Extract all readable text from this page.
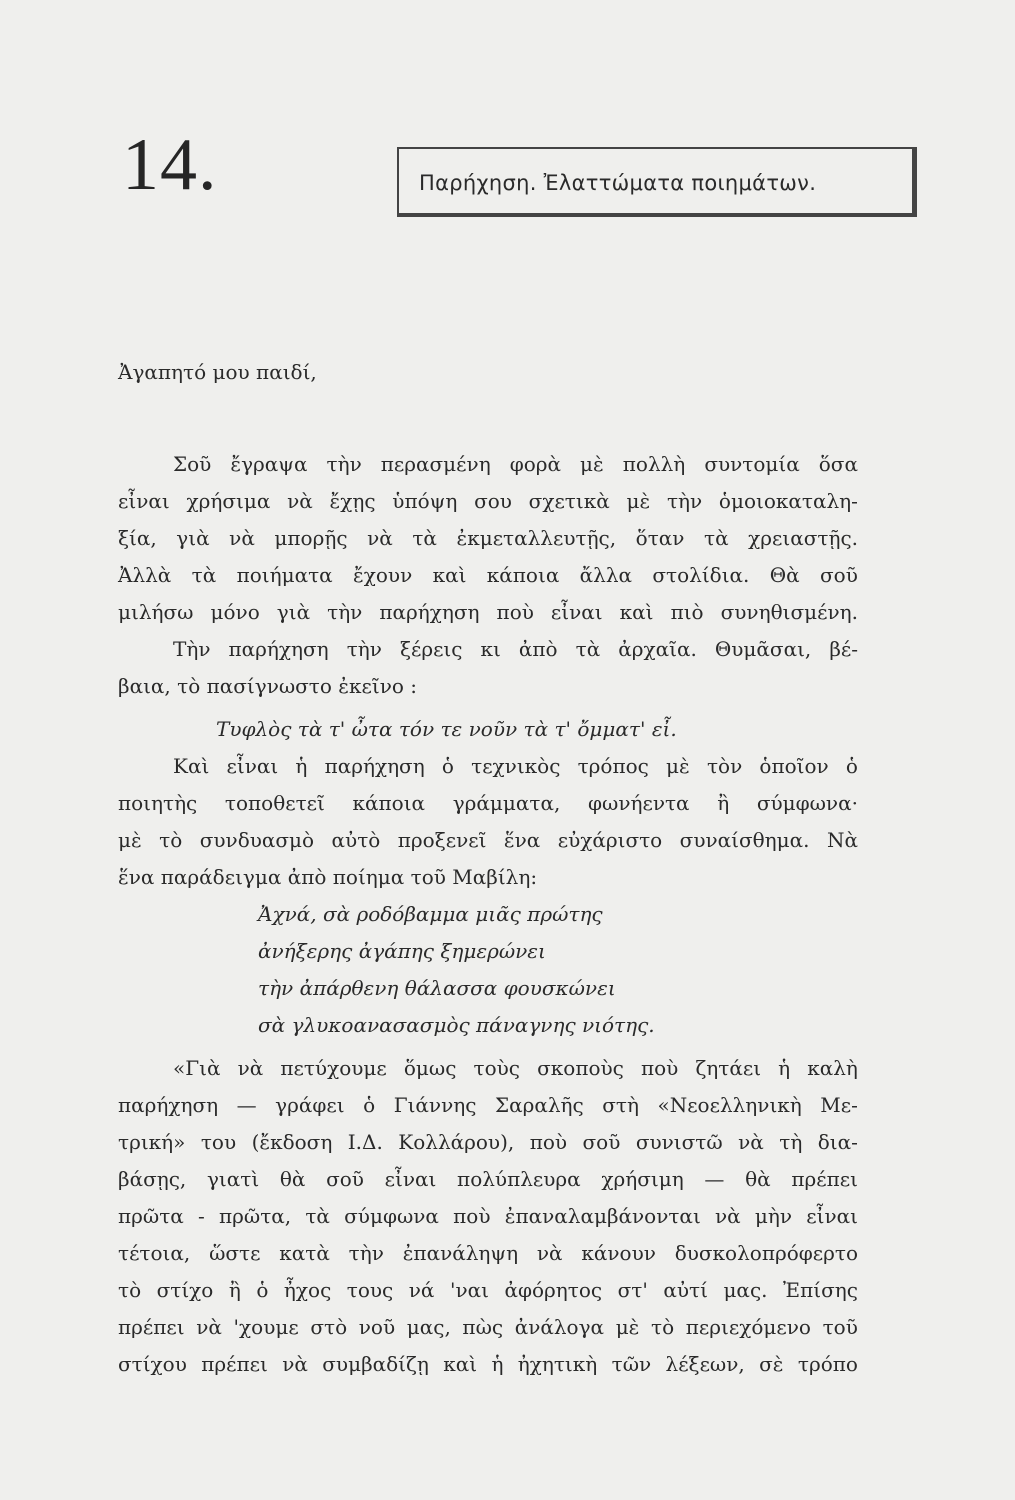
14.	Παρήχηση. Ἐλαττώματα ποιημάτων.
Ἀγαπητό μου παιδί,
Σοῦ ἔγραψα τὴν περασμένη φορὰ μὲ πολλὴ συντομία ὅσα
εἶναι χρήσιμα νὰ ἔχῃς ὑπόψη σου σχετικὰ μὲ τὴν ὁμοιοκαταλη-
ξία, γιὰ νὰ μπορῇς νὰ τὰ ἐκμεταλλευτῇς, ὅταν τὰ χρειαστῇς.
Ἀλλὰ τὰ ποιήματα ἔχουν καὶ κάποια ἄλλα στολίδια. Θὰ σοῦ
μιλήσω μόνο γιὰ τὴν παρήχηση ποὺ εἶναι καὶ πιὸ συνηθισμένη.
Τὴν παρήχηση τὴν ξέρεις κι ἀπὸ τὰ ἀρχαῖα. Θυμᾶσαι, βέ-
βαια, τὸ πασίγνωστο ἐκεῖνο :
Τυφλὸς τὰ τ' ὦτα τόν τε νοῦν τὰ τ' ὄμματ' εἶ.
Καὶ εἶναι ἡ παρήχηση ὁ τεχνικὸς τρόπος μὲ τὸν ὁποῖον ὁ
ποιητὴς τοποθετεῖ κάποια γράμματα, φωνήεντα ἢ σύμφωνα·
μὲ τὸ συνδυασμὸ αὐτὸ προξενεῖ ἕνα εὐχάριστο συναίσθημα. Νὰ
ἕνα παράδειγμα ἀπὸ ποίημα τοῦ Μαβίλη:
Ἀχνά, σὰ ροδόβαμμα μιᾶς πρώτης
ἀνήξερης ἀγάπης ξημερώνει
τὴν ἀπάρθενη θάλασσα φουσκώνει
σὰ γλυκοανασασμὸς πάναγνης νιότης.
«Γιὰ νὰ πετύχουμε ὅμως τοὺς σκοποὺς ποὺ ζητάει ἡ καλὴ
παρήχηση — γράφει ὁ Γιάννης Σαραλῆς στὴ «Νεοελληνικὴ Με-
τρική» του (ἔκδοση Ι.Δ. Κολλάρου), ποὺ σοῦ συνιστῶ νὰ τὴ δια-
βάσῃς, γιατὶ θὰ σοῦ εἶναι πολύπλευρα χρήσιμη — θὰ πρέπει
πρῶτα - πρῶτα, τὰ σύμφωνα ποὺ ἐπαναλαμβάνονται νὰ μὴν εἶναι
τέτοια, ὥστε κατὰ τὴν ἐπανάληψη νὰ κάνουν δυσκολοπρόφερτο
τὸ στίχο ἢ ὁ ἦχος τους νά 'ναι ἀφόρητος στ' αὐτί μας. Ἐπίσης
πρέπει νὰ 'χουμε στὸ νοῦ μας, πὼς ἀνάλογα μὲ τὸ περιεχόμενο τοῦ
στίχου πρέπει νὰ συμβαδίζῃ καὶ ἡ ἠχητικὴ τῶν λέξεων, σὲ τρόπο
